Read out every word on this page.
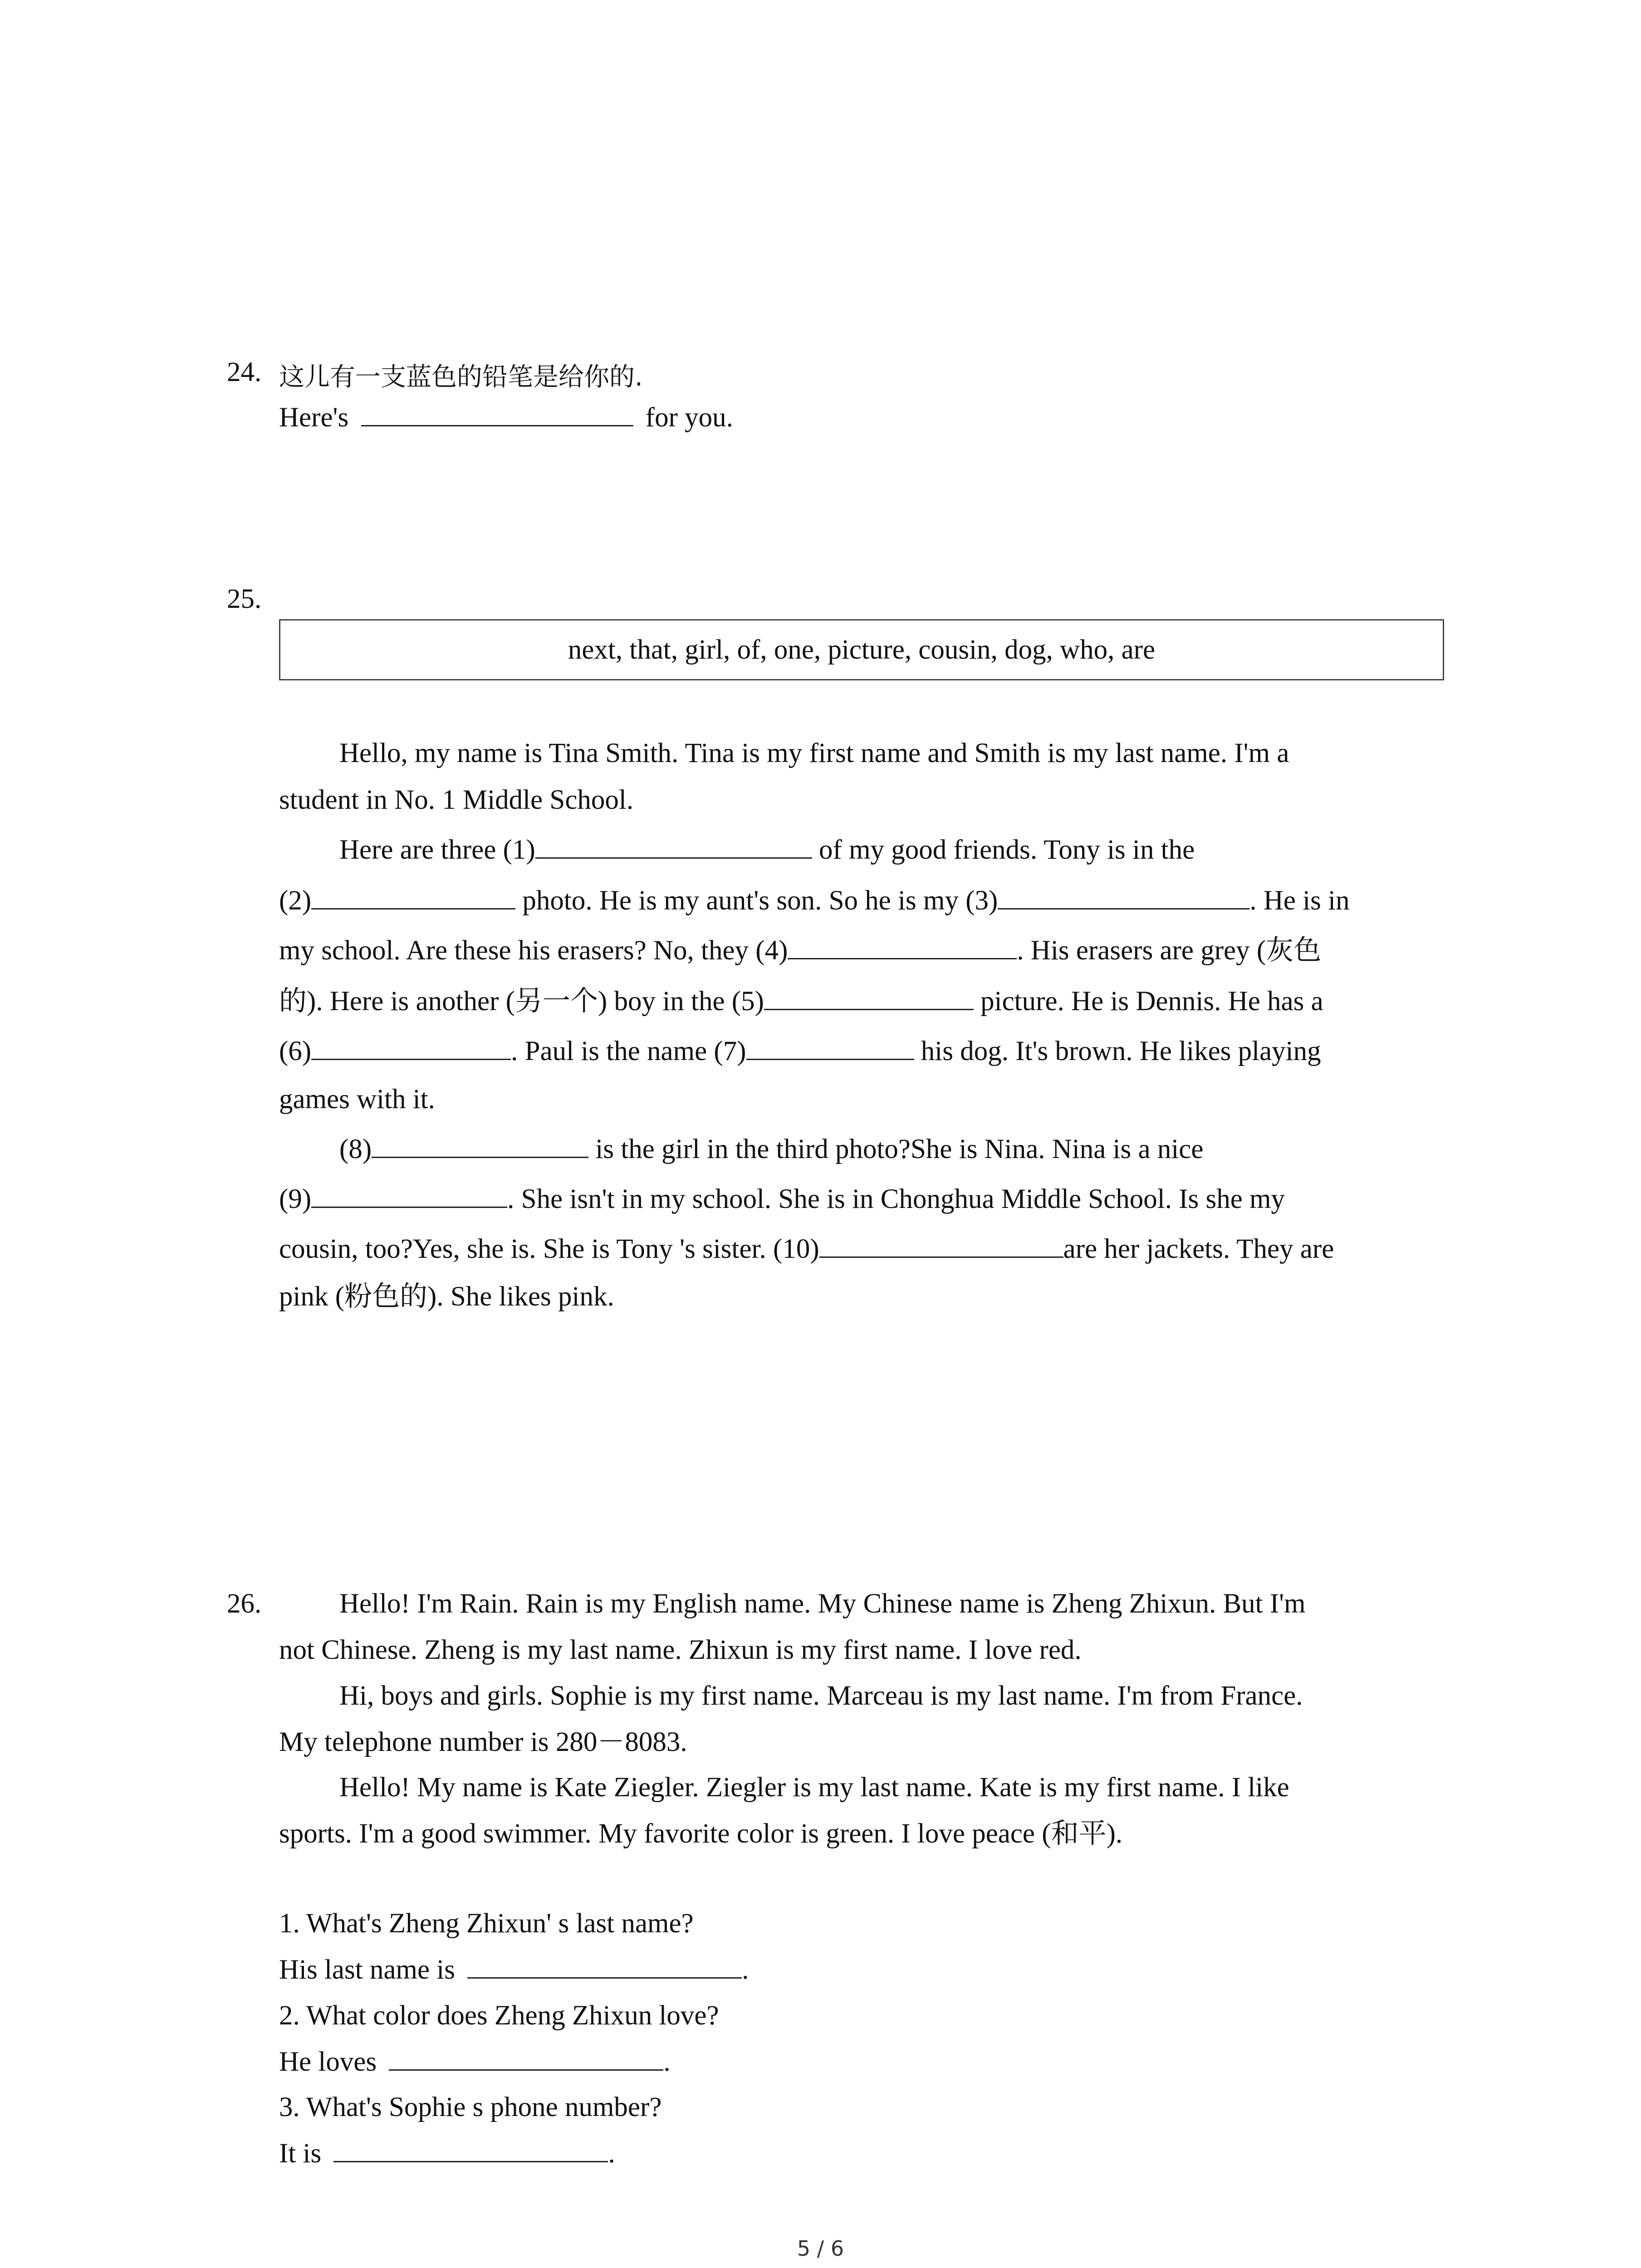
24. 这儿有一支蓝色的铅笔是给你的.
Here's	for you.
25.
next, that, girl, of, one, picture, cousin, dog, who, are
Hello, my name is Tina Smith. Tina is my first name and Smith is my last name. I'm a
student in No. 1 Middle School.
Here are three (1)	of my good friends. Tony is in the
(2)	photo. He is my aunt's son. So he is my (3)	. He is in
my school. Are these his erasers? No, they (4)	. His erasers are grey (灰色
的). Here is another (另一个) boy in the (5)	picture. He is Dennis. He has a
(6)	. Paul is the name (7)	his dog. It's brown. He likes playing
games with it.
(8)	is the girl in the third photo?She is Nina. Nina is a nice
(9)	. She isn't in my school. She is in Chonghua Middle School. Is she my
cousin, too?Yes, she is. She is Tony 's sister. (10)	are her jackets. They are
pink (粉色的). She likes pink.
26.	Hello! I'm Rain. Rain is my English name. My Chinese name is Zheng Zhixun. But I'm
not Chinese. Zheng is my last name. Zhixun is my first name. I love red.
Hi, boys and girls. Sophie is my first name. Marceau is my last name. I'm from France.
My telephone number is 280－8083.
Hello! My name is Kate Ziegler. Ziegler is my last name. Kate is my first name. I like
sports. I'm a good swimmer. My favorite color is green. I love peace (和平).
1. What's Zheng Zhixun' s last name?
His last name is	.
2. What color does Zheng Zhixun love?
He loves	.
3. What's Sophie s phone number?
It is	.
5 / 6
